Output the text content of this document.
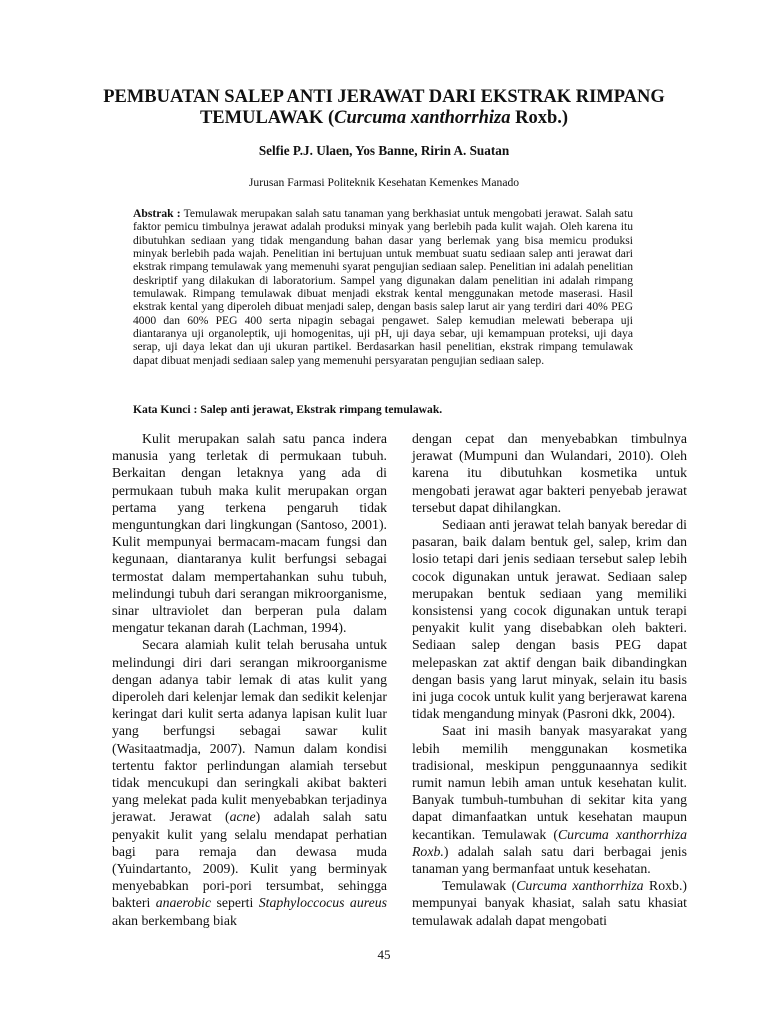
PEMBUATAN SALEP ANTI JERAWAT DARI EKSTRAK RIMPANG
TEMULAWAK (Curcuma xanthorrhiza Roxb.)
Selfie P.J. Ulaen, Yos Banne, Ririn A. Suatan
Jurusan Farmasi Politeknik Kesehatan Kemenkes Manado

Abstrak : Temulawak merupakan salah satu tanaman yang berkhasiat untuk mengobati jerawat. Salah satu faktor pemicu timbulnya jerawat adalah produksi minyak yang berlebih pada kulit wajah. Oleh karena itu dibutuhkan sediaan yang tidak mengandung bahan dasar yang berlemak yang bisa memicu produksi minyak berlebih pada wajah. Penelitian ini bertujuan untuk membuat suatu sediaan salep anti jerawat dari ekstrak rimpang temulawak yang memenuhi syarat pengujian sediaan salep. Penelitian ini adalah penelitian deskriptif yang dilakukan di laboratorium. Sampel yang digunakan dalam penelitian ini adalah rimpang temulawak. Rimpang temulawak dibuat menjadi ekstrak kental menggunakan metode maserasi. Hasil ekstrak kental yang diperoleh dibuat menjadi salep, dengan basis salep larut air yang terdiri dari 40% PEG 4000 dan 60% PEG 400 serta nipagin sebagai pengawet. Salep kemudian melewati beberapa uji diantaranya uji organoleptik, uji homogenitas, uji pH, uji daya sebar, uji kemampuan proteksi, uji daya serap, uji daya lekat dan uji ukuran partikel. Berdasarkan hasil penelitian, ekstrak rimpang temulawak dapat dibuat menjadi sediaan salep yang memenuhi persyaratan pengujian sediaan salep.

Kata Kunci : Salep anti jerawat, Ekstrak rimpang temulawak.

Kulit merupakan salah satu panca indera manusia yang terletak di permukaan tubuh. Berkaitan dengan letaknya yang ada di permukaan tubuh maka kulit merupakan organ pertama yang terkena pengaruh tidak menguntungkan dari lingkungan (Santoso, 2001). Kulit mempunyai bermacam-macam fungsi dan kegunaan, diantaranya kulit berfungsi sebagai termostat dalam mempertahankan suhu tubuh, melindungi tubuh dari serangan mikroorganisme, sinar ultraviolet dan berperan pula dalam mengatur tekanan darah (Lachman, 1994).

Secara alamiah kulit telah berusaha untuk melindungi diri dari serangan mikroorganisme dengan adanya tabir lemak di atas kulit yang diperoleh dari kelenjar lemak dan sedikit kelenjar keringat dari kulit serta adanya lapisan kulit luar yang berfungsi sebagai sawar kulit (Wasitaatmadja, 2007). Namun dalam kondisi tertentu faktor perlindungan alamiah tersebut tidak mencukupi dan seringkali akibat bakteri yang melekat pada kulit menyebabkan terjadinya jerawat. Jerawat (acne) adalah salah satu penyakit kulit yang selalu mendapat perhatian bagi para remaja dan dewasa muda (Yuindartanto, 2009). Kulit yang berminyak menyebabkan pori-pori tersumbat, sehingga bakteri anaerobic seperti Staphyloccocus aureus akan berkembang biak

dengan cepat dan menyebabkan timbulnya jerawat (Mumpuni dan Wulandari, 2010). Oleh karena itu dibutuhkan kosmetika untuk mengobati jerawat agar bakteri penyebab jerawat tersebut dapat dihilangkan.

Sediaan anti jerawat telah banyak beredar di pasaran, baik dalam bentuk gel, salep, krim dan losio tetapi dari jenis sediaan tersebut salep lebih cocok digunakan untuk jerawat. Sediaan salep merupakan bentuk sediaan yang memiliki konsistensi yang cocok digunakan untuk terapi penyakit kulit yang disebabkan oleh bakteri. Sediaan salep dengan basis PEG dapat melepaskan zat aktif dengan baik dibandingkan dengan basis yang larut minyak, selain itu basis ini juga cocok untuk kulit yang berjerawat karena tidak mengandung minyak (Pasroni dkk, 2004).

Saat ini masih banyak masyarakat yang lebih memilih menggunakan kosmetika tradisional, meskipun penggunaannya sedikit rumit namun lebih aman untuk kesehatan kulit. Banyak tumbuh-tumbuhan di sekitar kita yang dapat dimanfaatkan untuk kesehatan maupun kecantikan. Temulawak (Curcuma xanthorrhiza Roxb.) adalah salah satu dari berbagai jenis tanaman yang bermanfaat untuk kesehatan.

Temulawak (Curcuma xanthorrhiza Roxb.) mempunyai banyak khasiat, salah satu khasiat temulawak adalah dapat mengobati

45
